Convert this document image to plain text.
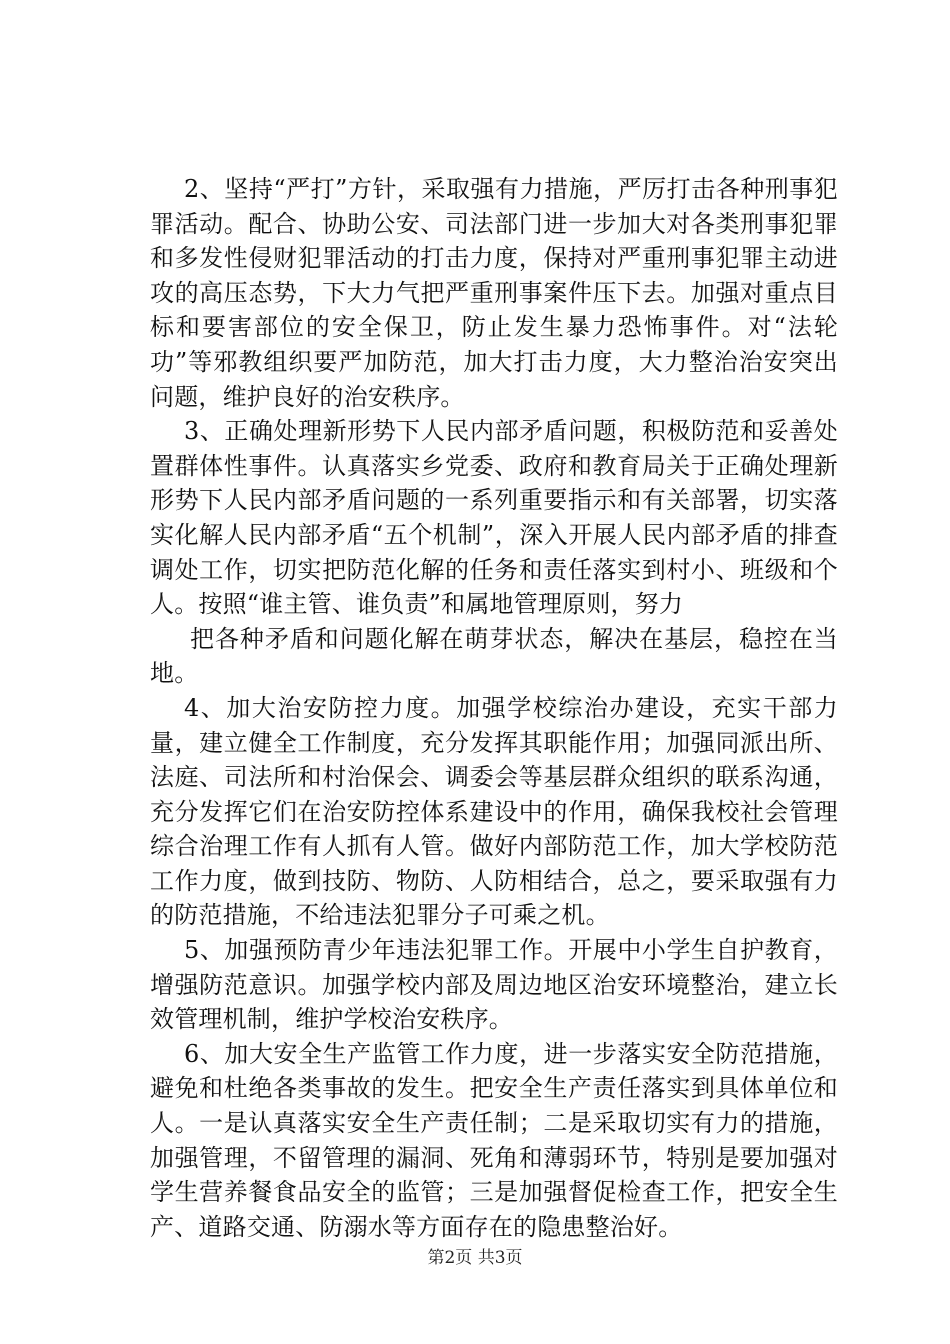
2、坚持“严打”方针，采取强有力措施，严厉打击各种刑事犯罪活动。配合、协助公安、司法部门进一步加大对各类刑事犯罪和多发性侵财犯罪活动的打击力度，保持对严重刑事犯罪主动进攻的高压态势，下大力气把严重刑事案件压下去。加强对重点目标和要害部位的安全保卫，防止发生暴力恐怖事件。对“法轮功”等邪教组织要严加防范，加大打击力度，大力整治治安突出问题，维护良好的治安秩序。

3、正确处理新形势下人民内部矛盾问题，积极防范和妥善处置群体性事件。认真落实乡党委、政府和教育局关于正确处理新形势下人民内部矛盾问题的一系列重要指示和有关部署，切实落实化解人民内部矛盾“五个机制”，深入开展人民内部矛盾的排查调处工作，切实把防范化解的任务和责任落实到村小、班级和个人。按照“谁主管、谁负责”和属地管理原则，努力

把各种矛盾和问题化解在萌芽状态，解决在基层，稳控在当地。

4、加大治安防控力度。加强学校综治办建设，充实干部力量，建立健全工作制度，充分发挥其职能作用；加强同派出所、法庭、司法所和村治保会、调委会等基层群众组织的联系沟通，充分发挥它们在治安防控体系建设中的作用，确保我校社会管理综合治理工作有人抓有人管。做好内部防范工作，加大学校防范工作力度，做到技防、物防、人防相结合，总之，要采取强有力的防范措施，不给违法犯罪分子可乘之机。

5、加强预防青少年违法犯罪工作。开展中小学生自护教育，增强防范意识。加强学校内部及周边地区治安环境整治，建立长效管理机制，维护学校治安秩序。

6、加大安全生产监管工作力度，进一步落实安全防范措施，避免和杜绝各类事故的发生。把安全生产责任落实到具体单位和人。一是认真落实安全生产责任制；二是采取切实有力的措施，加强管理，不留管理的漏洞、死角和薄弱环节，特别是要加强对学生营养餐食品安全的监管；三是加强督促检查工作，把安全生产、道路交通、防溺水等方面存在的隐患整治好。

第2页 共3页
